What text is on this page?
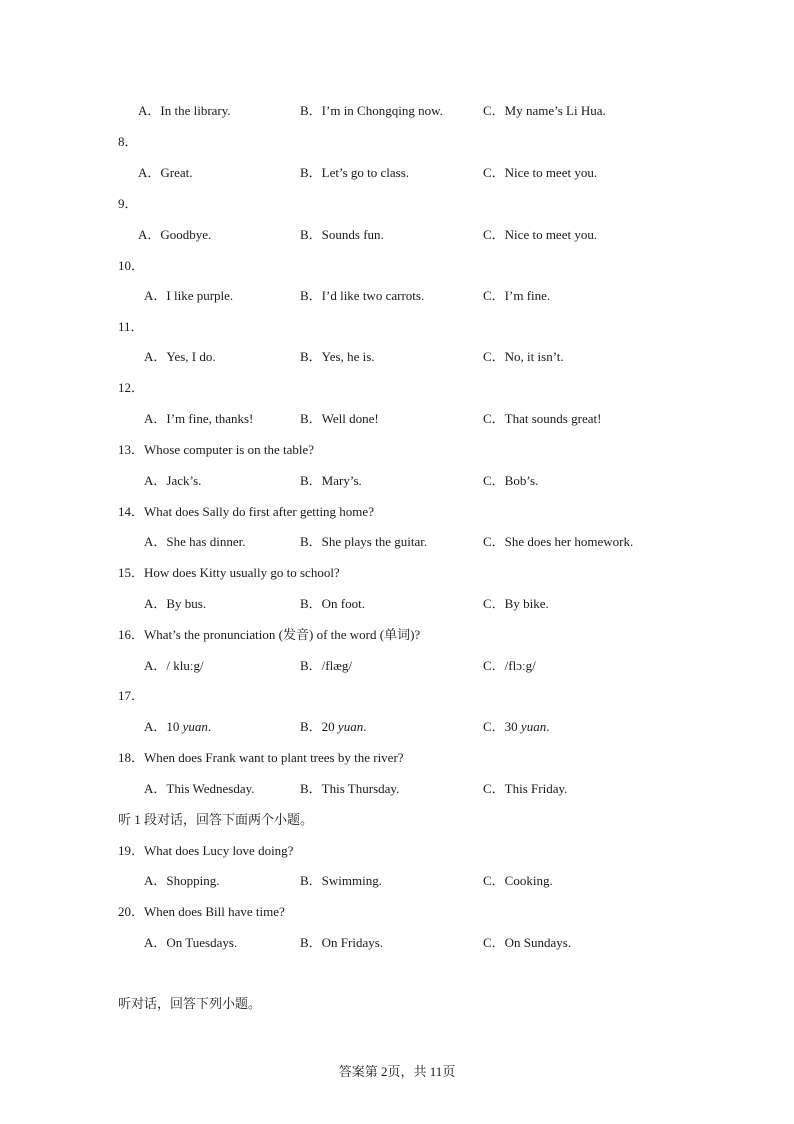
A．In the library.	B．I’m in Chongqing now.	C．My name’s Li Hua.
8．
A．Great.	B．Let’s go to class.	C．Nice to meet you.
9．
A．Goodbye.	B．Sounds fun.	C．Nice to meet you.
10．
A．I like purple.	B．I’d like two carrots.	C．I’m fine.
11．
A．Yes, I do.	B．Yes, he is.	C．No, it isn’t.
12．
A．I’m fine, thanks!	B．Well done!	C．That sounds great!
13．Whose computer is on the table?
A．Jack’s.	B．Mary’s.	C．Bob’s.
14．What does Sally do first after getting home?
A．She has dinner.	B．She plays the guitar.	C．She does her homework.
15．How does Kitty usually go to school?
A．By bus.	B．On foot.	C．By bike.
16．What’s the pronunciation (发音) of the word (单词)?
A．/ kluːg/	B．/flæg/	C．/flɔːg/
17．
A．10 yuan.	B．20 yuan.	C．30 yuan.
18．When does Frank want to plant trees by the river?
A．This Wednesday.	B．This Thursday.	C．This Friday.
听 1 段对话，回答下面两个小题。
19．What does Lucy love doing?
A．Shopping.	B．Swimming.	C．Cooking.
20．When does Bill have time?
A．On Tuesdays.	B．On Fridays.	C．On Sundays.
听对话，回答下列小题。
答案第 2页，共 11页
